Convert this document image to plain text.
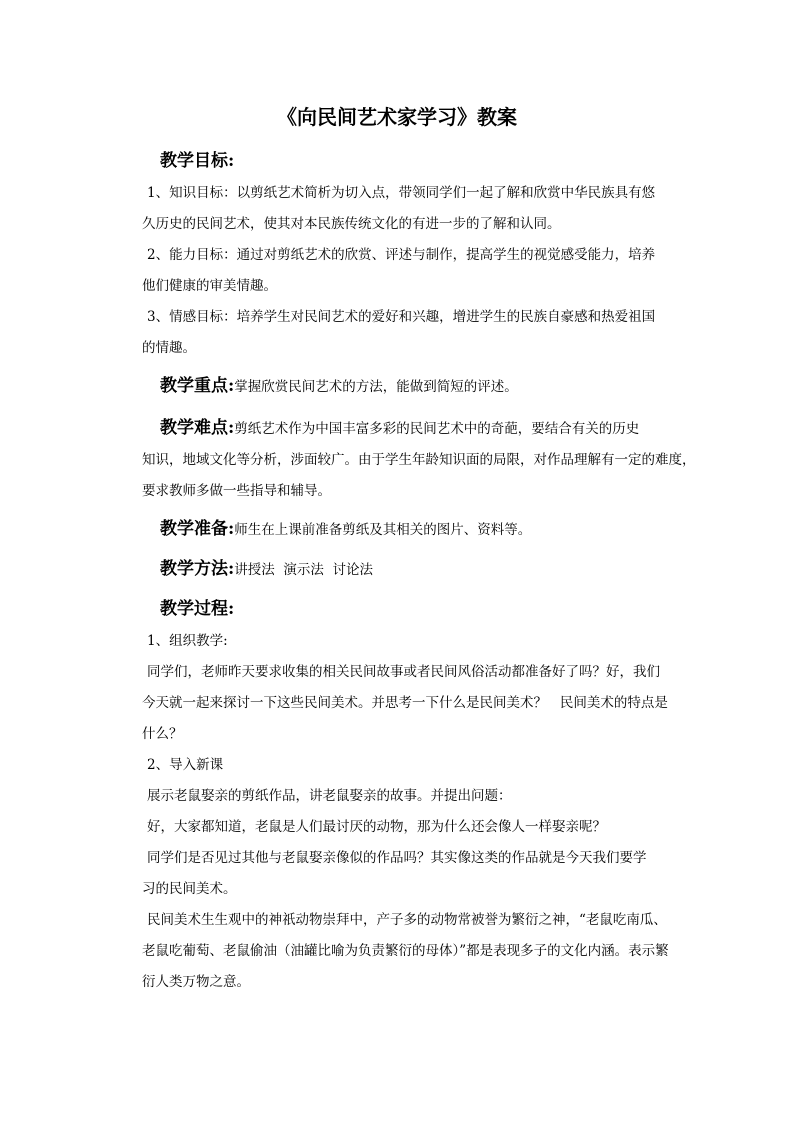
《向民间艺术家学习》教案
教学目标:
1、知识目标：以剪纸艺术简析为切入点，带领同学们一起了解和欣赏中华民族具有悠
久历史的民间艺术，使其对本民族传统文化的有进一步的了解和认同。
2、能力目标：通过对剪纸艺术的欣赏、评述与制作，提高学生的视觉感受能力，培养
他们健康的审美情趣。
3、情感目标：培养学生对民间艺术的爱好和兴趣，增进学生的民族自豪感和热爱祖国
的情趣。
教学重点:掌握欣赏民间艺术的方法，能做到简短的评述。
教学难点:剪纸艺术作为中国丰富多彩的民间艺术中的奇葩，要结合有关的历史
知识，地域文化等分析，涉面较广。由于学生年龄知识面的局限，对作品理解有一定的难度，
要求教师多做一些指导和辅导。
教学准备:师生在上课前准备剪纸及其相关的图片、资料等。
教学方法:讲授法  演示法  讨论法
教学过程:
1、组织教学:
同学们，老师昨天要求收集的相关民间故事或者民间风俗活动都准备好了吗？好，我们
今天就一起来探讨一下这些民间美术。并思考一下什么是民间美术？   民间美术的特点是
什么？
2、导入新课
展示老鼠娶亲的剪纸作品，讲老鼠娶亲的故事。并提出问题：
好，大家都知道，老鼠是人们最讨厌的动物，那为什么还会像人一样娶亲呢？
同学们是否见过其他与老鼠娶亲像似的作品吗？其实像这类的作品就是今天我们要学
习的民间美术。
民间美术生生观中的神祇动物崇拜中，产子多的动物常被誉为繁衍之神，“老鼠吃南瓜、
老鼠吃葡萄、老鼠偷油（油罐比喻为负责繁衍的母体）”都是表现多子的文化内涵。表示繁
衍人类万物之意。
